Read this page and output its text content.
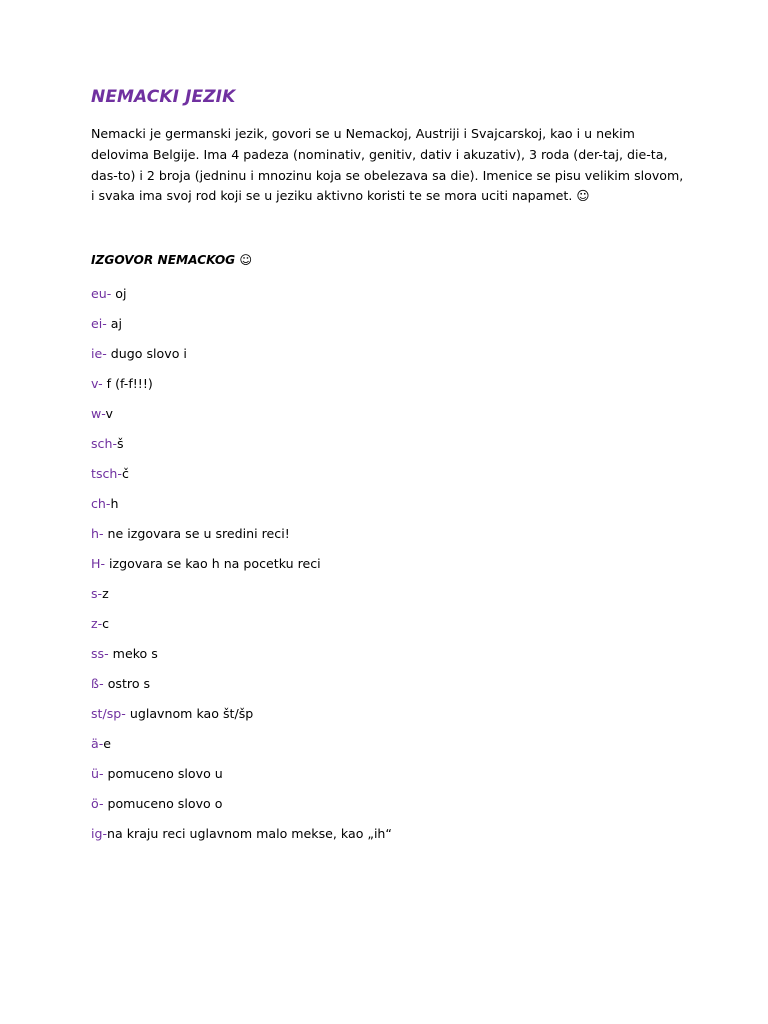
NEMACKI JEZIK
Nemacki je germanski jezik, govori se u Nemackoj, Austriji i Svajcarskoj, kao i u nekim
delovima Belgije. Ima 4 padeza (nominativ, genitiv, dativ i akuzativ), 3 roda (der-taj, die-ta,
das-to) i 2 broja (jedninu i mnozinu koja se obelezava sa die). Imenice se pisu velikim slovom,
i svaka ima svoj rod koji se u jeziku aktivno koristi te se mora uciti napamet. ☺
IZGOVOR NEMACKOG ☺
eu- oj
ei- aj
ie- dugo slovo i
v- f (f-f!!!)
w-v
sch-š
tsch-č
ch-h
h- ne izgovara se u sredini reci!
H- izgovara se kao h na pocetku reci
s-z
z-c
ss- meko s
ß- ostro s
st/sp- uglavnom kao št/šp
ä-e
ü- pomuceno slovo u
ö- pomuceno slovo o
ig-na kraju reci uglavnom malo mekse, kao „ih“
